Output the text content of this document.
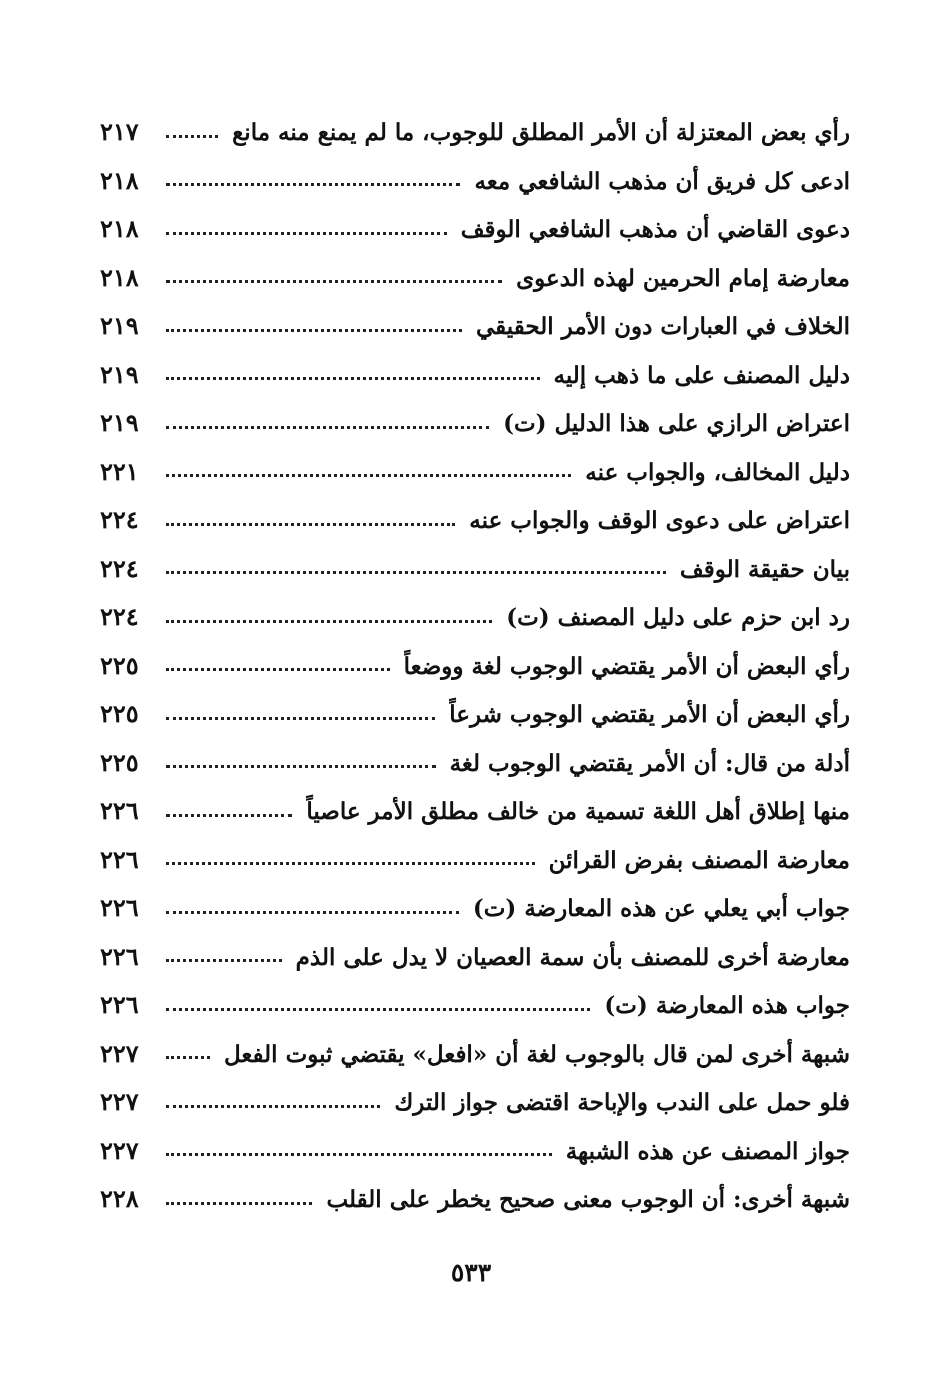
رأي بعض المعتزلة أن الأمر المطلق للوجوب، ما لم يمنع منه مانع
٢١٧
ادعى كل فريق أن مذهب الشافعي معه
٢١٨
دعوى القاضي أن مذهب الشافعي الوقف
٢١٨
معارضة إمام الحرمين لهذه الدعوى
٢١٨
الخلاف في العبارات دون الأمر الحقيقي
٢١٩
دليل المصنف على ما ذهب إليه
٢١٩
اعتراض الرازي على هذا الدليل (ت)
٢١٩
دليل المخالف، والجواب عنه
٢٢١
اعتراض على دعوى الوقف والجواب عنه
٢٢٤
بيان حقيقة الوقف
٢٢٤
رد ابن حزم على دليل المصنف (ت)
٢٢٤
رأي البعض أن الأمر يقتضي الوجوب لغة ووضعاً
٢٢٥
رأي البعض أن الأمر يقتضي الوجوب شرعاً
٢٢٥
أدلة من قال: أن الأمر يقتضي الوجوب لغة
٢٢٥
منها إطلاق أهل اللغة تسمية من خالف مطلق الأمر عاصياً
٢٢٦
معارضة المصنف بفرض القرائن
٢٢٦
جواب أبي يعلي عن هذه المعارضة (ت)
٢٢٦
معارضة أخرى للمصنف بأن سمة العصيان لا يدل على الذم
٢٢٦
جواب هذه المعارضة (ت)
٢٢٦
شبهة أخرى لمن قال بالوجوب لغة أن «افعل» يقتضي ثبوت الفعل
٢٢٧
فلو حمل على الندب والإباحة اقتضى جواز الترك
٢٢٧
جواز المصنف عن هذه الشبهة
٢٢٧
شبهة أخرى: أن الوجوب معنى صحيح يخطر على القلب
٢٢٨
٥٣٣
